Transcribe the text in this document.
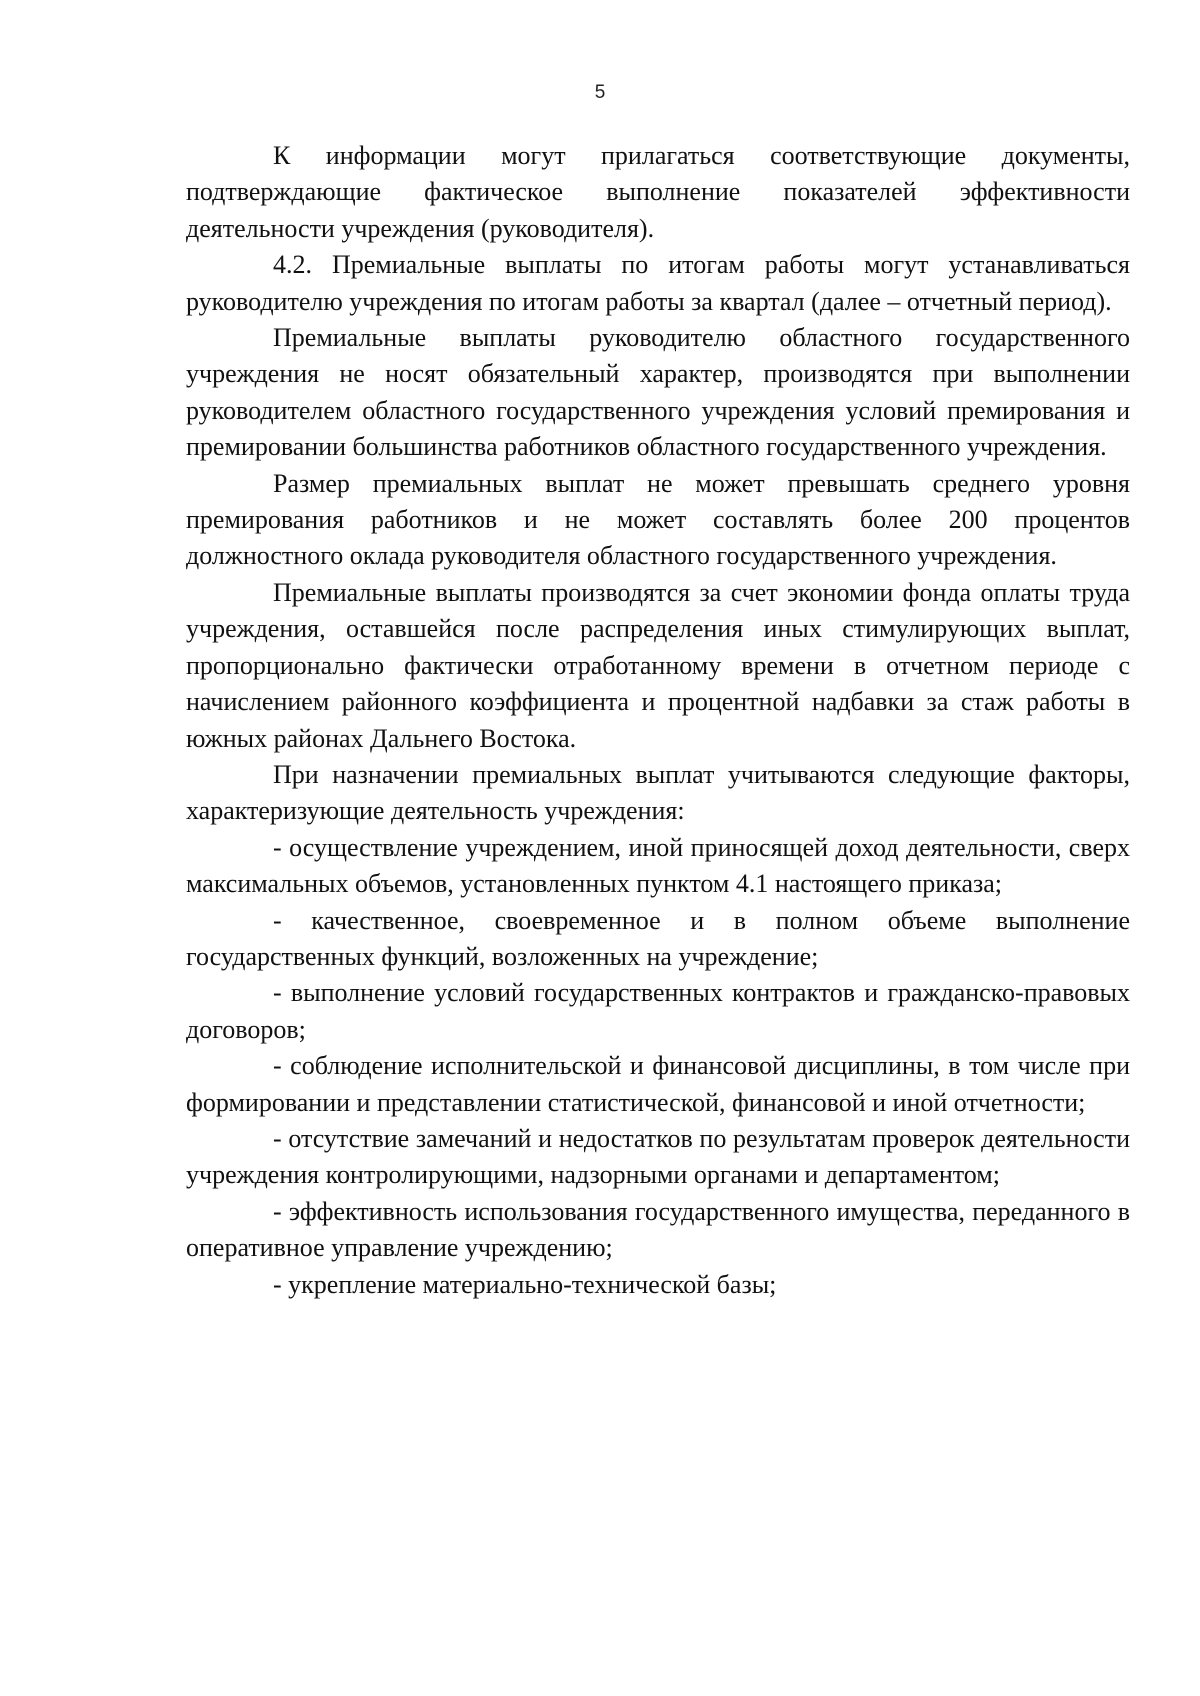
5

К информации могут прилагаться соответствующие документы, подтверждающие фактическое выполнение показателей эффективности деятельности учреждения (руководителя).

4.2. Премиальные выплаты по итогам работы могут устанавливаться руководителю учреждения по итогам работы за квартал (далее – отчетный период).

Премиальные выплаты руководителю областного государственного учреждения не носят обязательный характер, производятся при выполнении руководителем областного государственного учреждения условий премирования и премировании большинства работников областного государственного учреждения.

Размер премиальных выплат не может превышать среднего уровня премирования работников и не может составлять более 200 процентов должностного оклада руководителя областного государственного учреждения.

Премиальные выплаты производятся за счет экономии фонда оплаты труда учреждения, оставшейся после распределения иных стимулирующих выплат, пропорционально фактически отработанному времени в отчетном периоде с начислением районного коэффициента и процентной надбавки за стаж работы в южных районах Дальнего Востока.

При назначении премиальных выплат учитываются следующие факторы, характеризующие деятельность учреждения:

- осуществление учреждением, иной приносящей доход деятельности, сверх максимальных объемов, установленных пунктом 4.1 настоящего приказа;

- качественное, своевременное и в полном объеме выполнение государственных функций, возложенных на учреждение;

- выполнение условий государственных контрактов и гражданско-правовых договоров;

- соблюдение исполнительской и финансовой дисциплины, в том числе при формировании и представлении статистической, финансовой и иной отчетности;

- отсутствие замечаний и недостатков по результатам проверок деятельности учреждения контролирующими, надзорными органами и департаментом;

- эффективность использования государственного имущества, переданного в оперативное управление учреждению;

- укрепление материально-технической базы;
